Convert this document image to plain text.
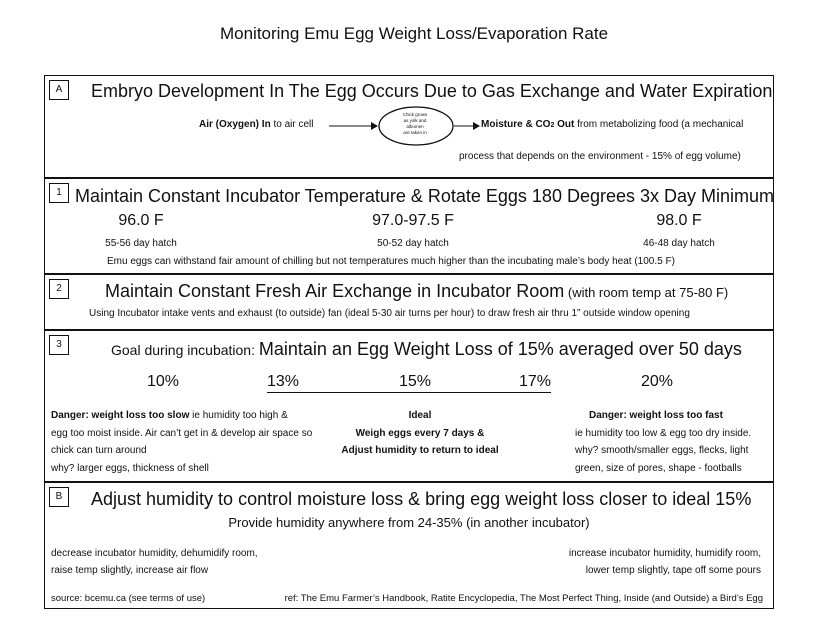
Monitoring Emu Egg Weight Loss/Evaporation Rate
A	Embryo Development In The Egg Occurs Due to Gas Exchange and Water Expiration
Air (Oxygen) In to air cell
Chick grows
as yolk and
albumen
are taken in
Moisture & CO2 Out from metabolizing food (a mechanical
process that depends on the environment - 15% of egg volume)
1 Maintain Constant Incubator Temperature & Rotate Eggs 180 Degrees 3x Day Minimum
96.0 F
55-56 day hatch
97.0-97.5 F
50-52 day hatch
98.0 F
46-48 day hatch
Emu eggs can withstand fair amount of chilling but not temperatures much higher than the incubating male’s body heat (100.5 F)
2	Maintain Constant Fresh Air Exchange in Incubator Room (with room temp at 75-80 F)
Using Incubator intake vents and exhaust (to outside) fan (ideal 5-30 air turns per hour) to draw fresh air thru 1” outside window opening
3	Goal during incubation: Maintain an Egg Weight Loss of 15% averaged over 50 days
10%	13%	15%	17%	20%
Danger: weight loss too slow ie humidity too high &
egg too moist inside. Air can’t get in & develop air space so
chick can turn around
why? larger eggs, thickness of shell
Ideal
Weigh eggs every 7 days &
Adjust humidity to return to ideal
Danger: weight loss too fast
ie humidity too low & egg too dry inside.
why? smooth/smaller eggs, flecks, light
green, size of pores, shape - footballs
B	Adjust humidity to control moisture loss & bring egg weight loss closer to ideal 15%
Provide humidity anywhere from 24-35% (in another incubator)
decrease incubator humidity, dehumidify room,
raise temp slightly, increase air flow
increase incubator humidity, humidify room,
lower temp slightly, tape off some pours
source: bcemu.ca (see terms of use)	ref: The Emu Farmer’s Handbook, Ratite Encyclopedia, The Most Perfect Thing, Inside (and Outside) a Bird’s Egg
